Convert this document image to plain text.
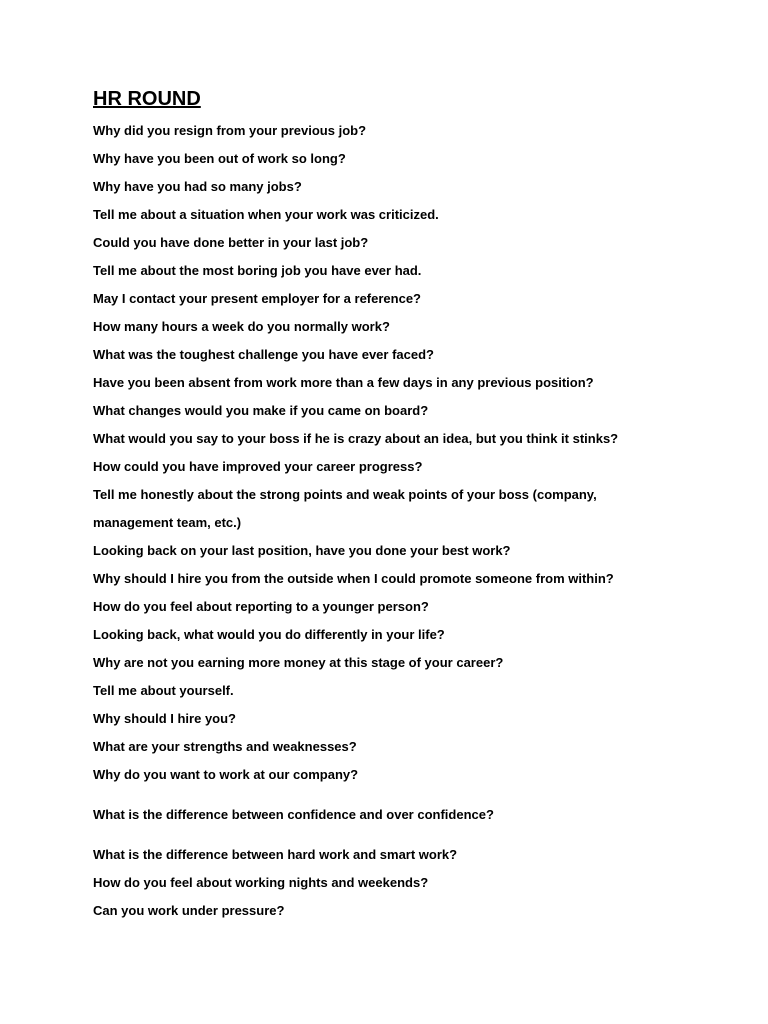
HR ROUND

Why did you resign from your previous job?

Why have you been out of work so long?

Why have you had so many jobs?

Tell me about a situation when your work was criticized.

Could you have done better in your last job?

Tell me about the most boring job you have ever had.

May I contact your present employer for a reference?

How many hours a week do you normally work?

What was the toughest challenge you have ever faced?

Have you been absent from work more than a few days in any previous position?

What changes would you make if you came on board?

What would you say to your boss if he is crazy about an idea, but you think it stinks?

How could you have improved your career progress?

Tell me honestly about the strong points and weak points of your boss (company,

management team, etc.)

Looking back on your last position, have you done your best work?

Why should I hire you from the outside when I could promote someone from within?

How do you feel about reporting to a younger person?

Looking back, what would you do differently in your life?

Why are not you earning more money at this stage of your career?

Tell me about yourself.

Why should I hire you?

What are your strengths and weaknesses?

Why do you want to work at our company?

What is the difference between confidence and over confidence?

What is the difference between hard work and smart work?

How do you feel about working nights and weekends?

Can you work under pressure?
